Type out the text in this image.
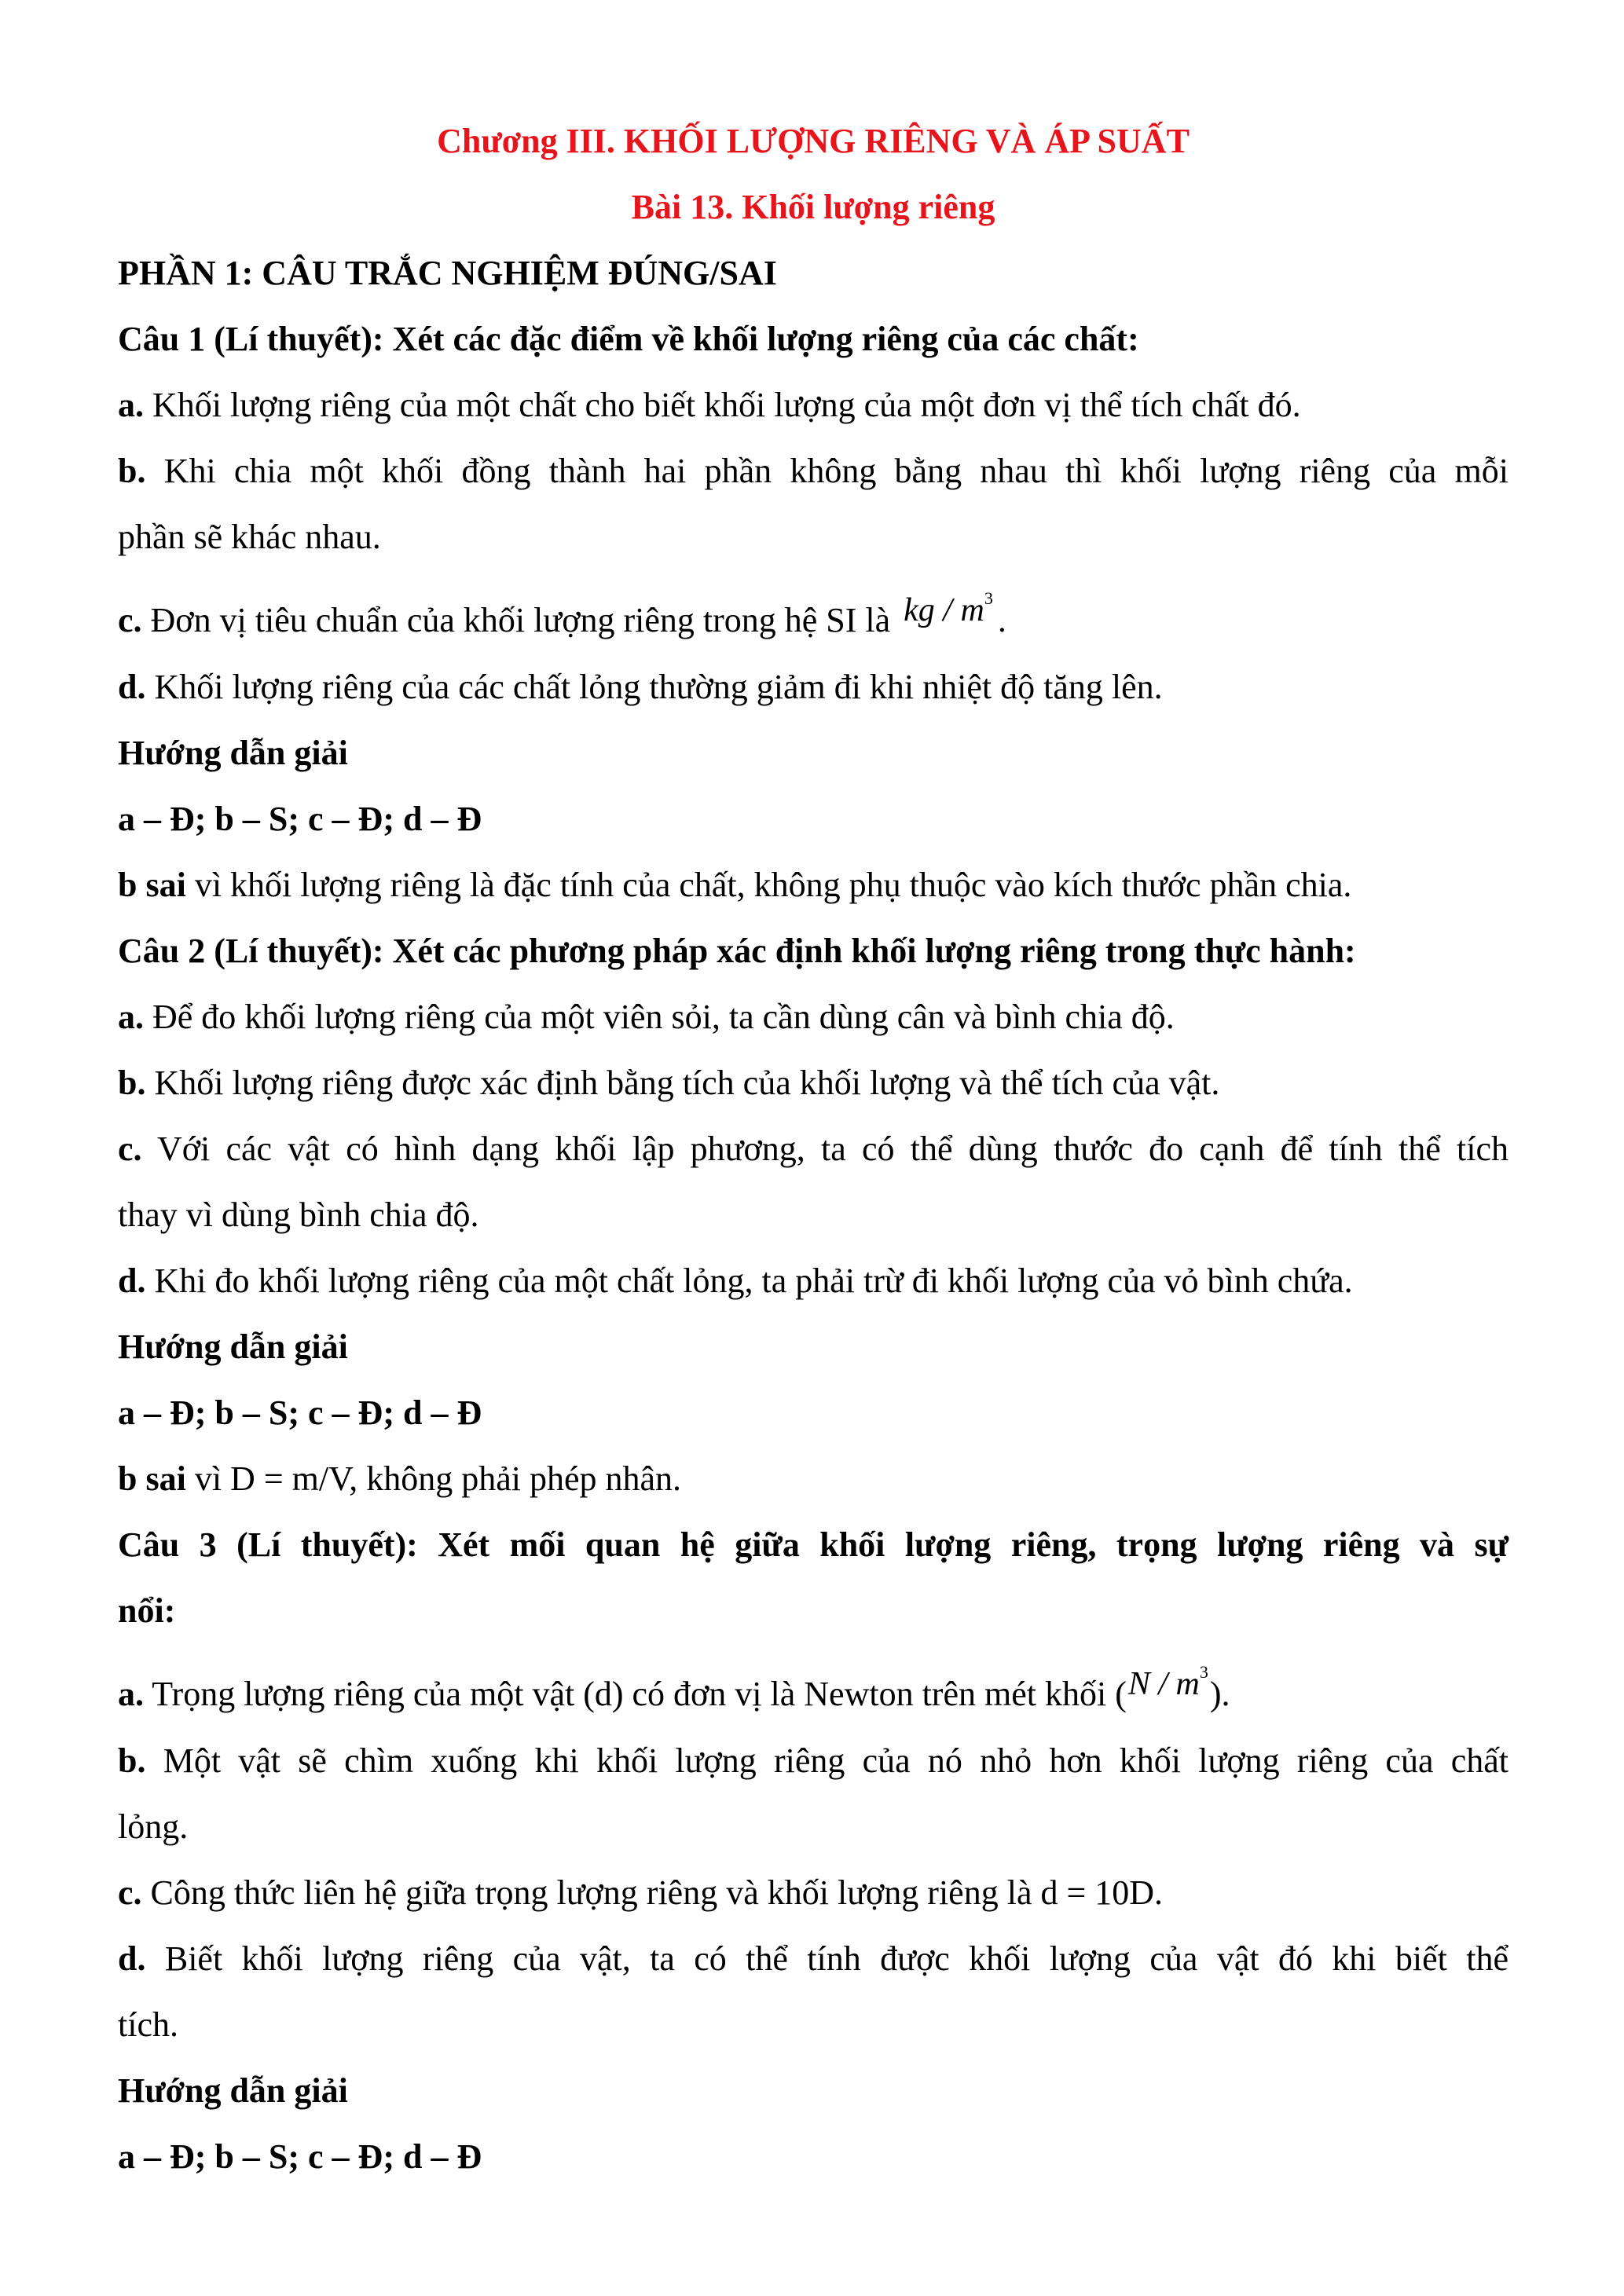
Chương III. KHỐI LƯỢNG RIÊNG VÀ ÁP SUẤT

Bài 13. Khối lượng riêng

PHẦN 1: CÂU TRẮC NGHIỆM ĐÚNG/SAI

Câu 1 (Lí thuyết): Xét các đặc điểm về khối lượng riêng của các chất:

a. Khối lượng riêng của một chất cho biết khối lượng của một đơn vị thể tích chất đó.

b. Khi chia một khối đồng thành hai phần không bằng nhau thì khối lượng riêng của mỗi

phần sẽ khác nhau.

c. Đơn vị tiêu chuẩn của khối lượng riêng trong hệ SI là kg / $m^3$.

d. Khối lượng riêng của các chất lỏng thường giảm đi khi nhiệt độ tăng lên.

Hướng dẫn giải

a – Đ; b – S; c – Đ; d – Đ

b sai vì khối lượng riêng là đặc tính của chất, không phụ thuộc vào kích thước phần chia.

Câu 2 (Lí thuyết): Xét các phương pháp xác định khối lượng riêng trong thực hành:

a. Để đo khối lượng riêng của một viên sỏi, ta cần dùng cân và bình chia độ.

b. Khối lượng riêng được xác định bằng tích của khối lượng và thể tích của vật.

c. Với các vật có hình dạng khối lập phương, ta có thể dùng thước đo cạnh để tính thể tích

thay vì dùng bình chia độ.

d. Khi đo khối lượng riêng của một chất lỏng, ta phải trừ đi khối lượng của vỏ bình chứa.

Hướng dẫn giải

a – Đ; b – S; c – Đ; d – Đ

b sai vì D = m/V, không phải phép nhân.

Câu 3 (Lí thuyết): Xét mối quan hệ giữa khối lượng riêng, trọng lượng riêng và sự

nổi:

a. Trọng lượng riêng của một vật (d) có đơn vị là Newton trên mét khối $(N / m^3)$.

b. Một vật sẽ chìm xuống khi khối lượng riêng của nó nhỏ hơn khối lượng riêng của chất

lỏng.

c. Công thức liên hệ giữa trọng lượng riêng và khối lượng riêng là d = 10D.

d. Biết khối lượng riêng của vật, ta có thể tính được khối lượng của vật đó khi biết thể

tích.

Hướng dẫn giải

a – Đ; b – S; c – Đ; d – Đ
